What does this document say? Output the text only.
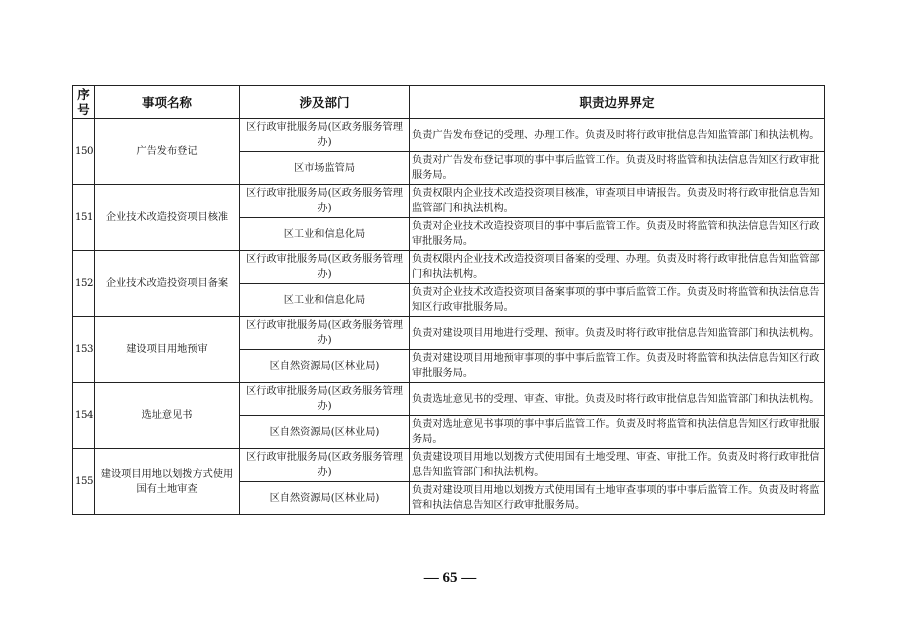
序号	事项名称	涉及部门	职责边界界定
150	广告发布登记	区行政审批服务局(区政务服务管理办)	负责广告发布登记的受理、办理工作。负责及时将行政审批信息告知监管部门和执法机构。
		区市场监管局	负责对广告发布登记事项的事中事后监管工作。负责及时将监管和执法信息告知区行政审批服务局。
151	企业技术改造投资项目核准	区行政审批服务局(区政务服务管理办)	负责权限内企业技术改造投资项目核准，审查项目申请报告。负责及时将行政审批信息告知监管部门和执法机构。
		区工业和信息化局	负责对企业技术改造投资项目的事中事后监管工作。负责及时将监管和执法信息告知区行政审批服务局。
152	企业技术改造投资项目备案	区行政审批服务局(区政务服务管理办)	负责权限内企业技术改造投资项目备案的受理、办理。负责及时将行政审批信息告知监管部门和执法机构。
		区工业和信息化局	负责对企业技术改造投资项目备案事项的事中事后监管工作。负责及时将监管和执法信息告知区行政审批服务局。
153	建设项目用地预审	区行政审批服务局(区政务服务管理办)	负责对建设项目用地进行受理、预审。负责及时将行政审批信息告知监管部门和执法机构。
		区自然资源局(区林业局)	负责对建设项目用地预审事项的事中事后监管工作。负责及时将监管和执法信息告知区行政审批服务局。
154	选址意见书	区行政审批服务局(区政务服务管理办)	负责选址意见书的受理、审查、审批。负责及时将行政审批信息告知监管部门和执法机构。
		区自然资源局(区林业局)	负责对选址意见书事项的事中事后监管工作。负责及时将监管和执法信息告知区行政审批服务局。
155	建设项目用地以划拨方式使用国有土地审查	区行政审批服务局(区政务服务管理办)	负责建设项目用地以划拨方式使用国有土地受理、审查、审批工作。负责及时将行政审批信息告知监管部门和执法机构。
		区自然资源局(区林业局)	负责对建设项目用地以划拨方式使用国有土地审查事项的事中事后监管工作。负责及时将监管和执法信息告知区行政审批服务局。
— 65 —
